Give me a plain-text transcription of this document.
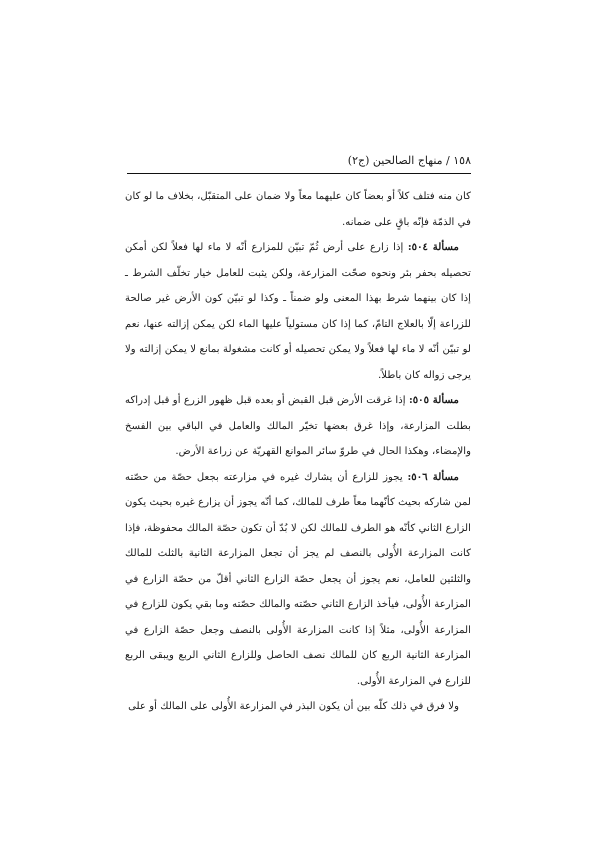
١٥٨ / منهاج الصالحين (ج٢)

كان منه فتلف كلاً أو بعضاً كان عليهما معاً ولا ضمان على المتقبّل، بخلاف ما لو كان في الذمّة فإنّه باقٍ على ضمانه.

مسألة ٥٠٤: إذا زارع على أرض ثُمّ تبيّن للمزارع أنّه لا ماء لها فعلاً لكن أمكن تحصيله بحفر بئر ونحوه صحّت المزارعة، ولكن يثبت للعامل خيار تخلّف الشرط ـ إذا كان بينهما شرط بهذا المعنى ولو ضمناً ـ وكذا لو تبيّن كون الأرض غير صالحة للزراعة إلّا بالعلاج التامّ، كما إذا كان مستولياً عليها الماء لكن يمكن إزالته عنها، نعم لو تبيّن أنّه لا ماء لها فعلاً ولا يمكن تحصيله أو كانت مشغولة بمانع لا يمكن إزالته ولا يرجى زواله كان باطلاً.

مسألة ٥٠٥: إذا غرقت الأرض قبل القبض أو بعده قبل ظهور الزرع أو قبل إدراكه بطلت المزارعة، وإذا غرق بعضها تخيّر المالك والعامل في الباقي بين الفسخ والإمضاء، وهكذا الحال في طروّ سائر الموانع القهريّة عن زراعة الأرض.

مسألة ٥٠٦: يجوز للزارع أن يشارك غيره في مزارعته بجعل حصّة من حصّته لمن شاركه بحيث كأنّهما معاً طرف للمالك، كما أنّه يجوز أن يزارع غيره بحيث يكون الزارع الثاني كأنّه هو الطرف للمالك لكن لا بُدّ أن تكون حصّة المالك محفوظة، فإذا كانت المزارعة الأُولى بالنصف لم يجز أن تجعل المزارعة الثانية بالثلث للمالك والثلثين للعامل، نعم يجوز أن يجعل حصّة الزارع الثاني أقلّ من حصّة الزارع في المزارعة الأُولى، فيأخذ الزارع الثاني حصّته والمالك حصّته وما بقي يكون للزارع في المزارعة الأُولى، مثلاً إذا كانت المزارعة الأُولى بالنصف وجعل حصّة الزارع في المزارعة الثانية الربع كان للمالك نصف الحاصل وللزارع الثاني الربع ويبقى الربع للزارع في المزارعة الأُولى.

ولا فرق في ذلك كلّه بين أن يكون البذر في المزارعة الأُولى على المالك أو على
